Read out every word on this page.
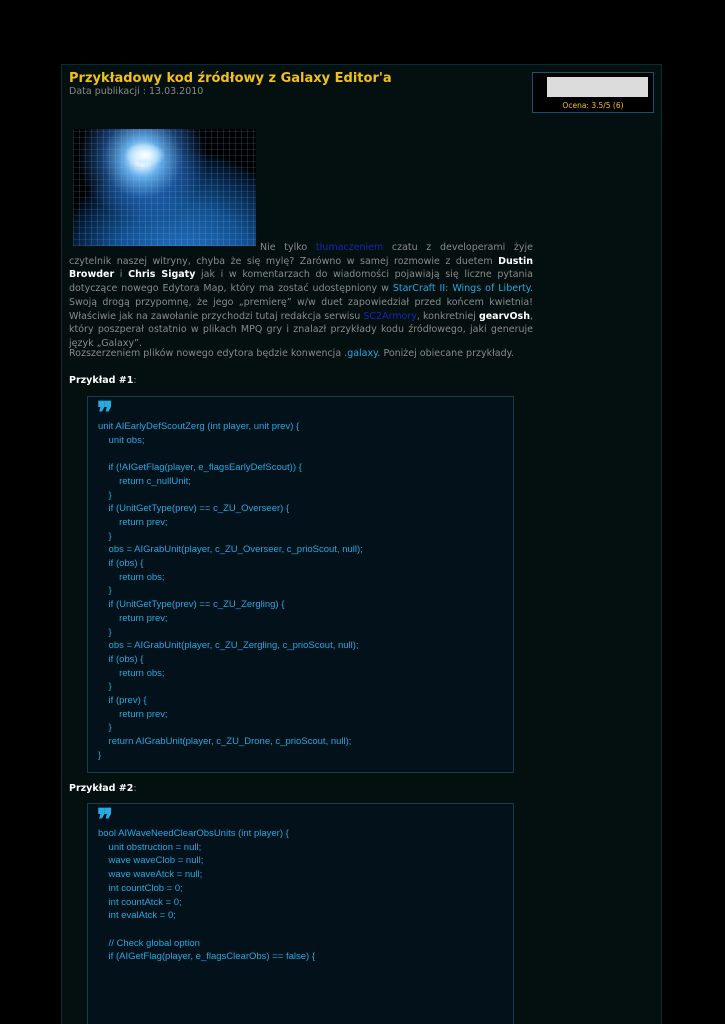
Przykładowy kod źródłowy z Galaxy Editor'a
Data publikacji : 13.03.2010
Ocena: 3.5/5 (6)

Nie tylko tłumaczeniem czatu z developerami żyje czytelnik naszej witryny, chyba że się mylę? Zarówno w samej rozmowie z duetem Dustin Browder i Chris Sigaty jak i w komentarzach do wiadomości pojawiają się liczne pytania dotyczące nowego Edytora Map, który ma zostać udostępniony w StarCraft II: Wings of Liberty. Swoją drogą przypomnę, że jego „premierę” w/w duet zapowiedział przed końcem kwietnia! Właściwie jak na zawołanie przychodzi tutaj redakcja serwisu SC2Armory, konkretniej gearvOsh, który poszperał ostatnio w plikach MPQ gry i znalazł przykłady kodu źródłowego, jaki generuje język „Galaxy”.

Rozszerzeniem plików nowego edytora będzie konwencja .galaxy. Poniżej obiecane przykłady.

Przykład #1:

❞
unit AIEarlyDefScoutZerg (int player, unit prev) {
unit obs;

if (!AIGetFlag(player, e_flagsEarlyDefScout)) {
return c_nullUnit;
}
if (UnitGetType(prev) == c_ZU_Overseer) {
return prev;
}
obs = AIGrabUnit(player, c_ZU_Overseer, c_prioScout, null);
if (obs) {
return obs;
}
if (UnitGetType(prev) == c_ZU_Zergling) {
return prev;
}
obs = AIGrabUnit(player, c_ZU_Zergling, c_prioScout, null);
if (obs) {
return obs;
}
if (prev) {
return prev;
}
return AIGrabUnit(player, c_ZU_Drone, c_prioScout, null);
}

Przykład #2:

❞
bool AIWaveNeedClearObsUnits (int player) {
unit obstruction = null;
wave waveClob = null;
wave waveAtck = null;
int countClob = 0;
int countAtck = 0;
int evalAtck = 0;

// Check global option
if (AIGetFlag(player, e_flagsClearObs) == false) {
